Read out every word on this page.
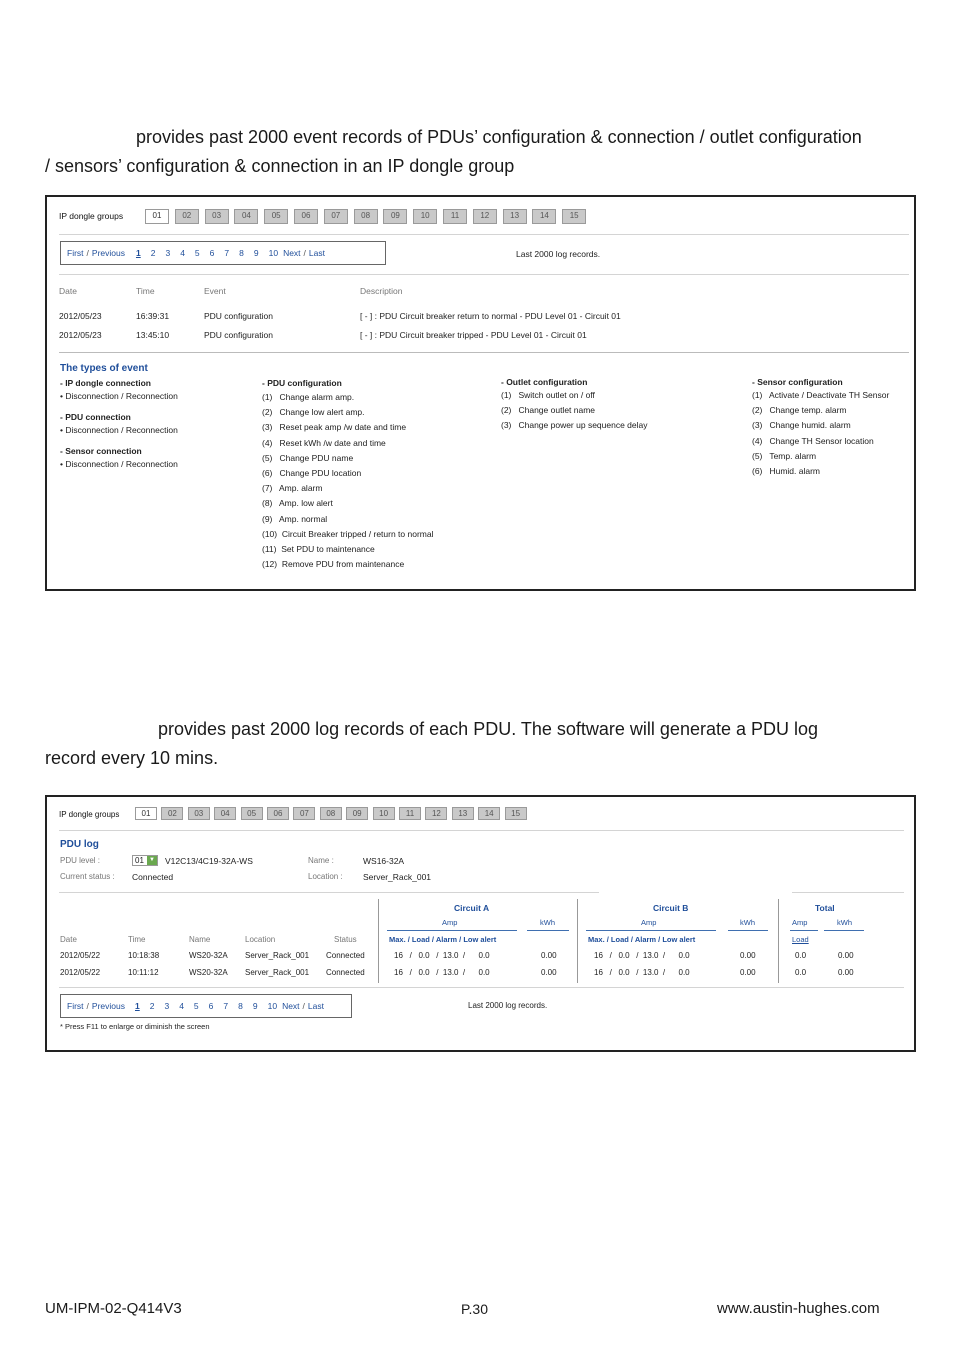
provides past 2000 event records of PDUs’ configuration & connection / outlet configuration
/ sensors’ configuration & connection in an IP dongle group
IP dongle groups	01	02	03	04	05	06	07	08	09	10	11	12	13	14	15
First / Previous	1 2 3 4 5 6 7 8 9 10 Next / Last	Last 2000 log records.
Date	Time	Event	Description
2012/05/23	16:39:31	PDU configuration	[ - ] : PDU Circuit breaker return to normal - PDU Level 01 - Circuit 01
2012/05/23	13:45:10	PDU configuration	[ - ] : PDU Circuit breaker tripped - PDU Level 01 - Circuit 01
The types of event
- IP dongle connection
• Disconnection / Reconnection
- PDU connection
• Disconnection / Reconnection
- Sensor connection
• Disconnection / Reconnection
- PDU configuration
(1)   Change alarm amp.
(2)   Change low alert amp.
(3)   Reset peak amp /w date and time
(4)   Reset kWh /w date and time
(5)   Change PDU name
(6)   Change PDU location
(7)   Amp. alarm
(8)   Amp. low alert
(9)   Amp. normal
(10)  Circuit Breaker tripped / return to normal
(11)  Set PDU to maintenance
(12)  Remove PDU from maintenance
- Outlet configuration
(1)   Switch outlet on / off
(2)   Change outlet name
(3)   Change power up sequence delay
- Sensor configuration
(1)   Activate / Deactivate TH Sensor
(2)   Change temp. alarm
(3)   Change humid. alarm
(4)   Change TH Sensor location
(5)   Temp. alarm
(6)   Humid. alarm
provides past 2000 log records of each PDU. The software will generate a PDU log
record every 10 mins.
IP dongle groups	01	02	03	04	05	06	07	08	09	10	11	12	13	14	15
PDU log
PDU level :	01 ▼ V12C13/4C19-32A-WS	Name :	WS16-32A
Current status : Connected	Location : Server_Rack_001
Circuit A	Circuit B	Total
Amp	kWh	Amp	kWh	Amp	kWh
Date	Time	Name	Location	Status	Max. / Load / Alarm / Low alert	Max. / Load / Alarm / Low alert	Load
2012/05/22	10:18:38	WS20-32A Server_Rack_001 Connected	16   /   0.0   /  13.0  /      0.0	0.00	16   /   0.0   /  13.0  /      0.0	0.00	0.0	0.00
2012/05/22	10:11:12	WS20-32A Server_Rack_001 Connected	16   /   0.0   /  13.0  /      0.0	0.00	16   /   0.0   /  13.0  /      0.0	0.00	0.0	0.00
First / Previous	1 2 3 4 5 6 7 8 9 10 Next / Last	Last 2000 log records.
* Press F11 to enlarge or diminish the screen
UM-IPM-02-Q414V3	P.30	www.austin-hughes.com
